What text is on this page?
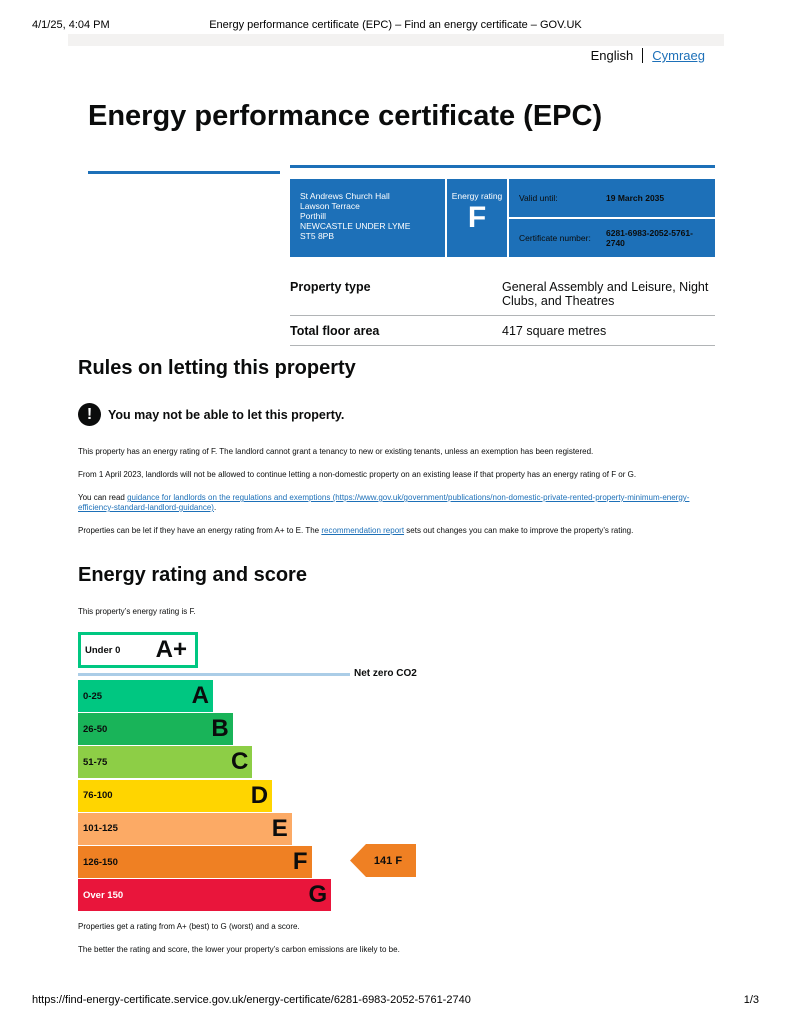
4/1/25, 4:04 PM	Energy performance certificate (EPC) – Find an energy certificate – GOV.UK
English Cymraeg
Energy performance certificate (EPC)
St Andrews Church Hall
Lawson Terrace
Porthill
NEWCASTLE UNDER LYME
ST5 8PB
Energy rating
F
Valid until:	19 March 2035
Certificate number:	6281-6983-2052-5761-2740
Property type	General Assembly and Leisure, Night Clubs, and Theatres
Total floor area	417 square metres
Rules on letting this property
!	You may not be able to let this property.

This property has an energy rating of F. The landlord cannot grant a tenancy to new or existing tenants, unless an exemption has been registered.

From 1 April 2023, landlords will not be allowed to continue letting a non-domestic property on an existing lease if that property has an energy rating of F or G.

You can read guidance for landlords on the regulations and exemptions (https://www.gov.uk/government/publications/non-domestic-private-rented-property-minimum-energy-efficiency-standard-landlord-guidance).

Properties can be let if they have an energy rating from A+ to E. The recommendation report sets out changes you can make to improve the property’s rating.

Energy rating and score

This property’s energy rating is F.

Under 0 A+
Net zero CO2
0-25	A
26-50	B
51-75	C
76-100	D
101-125	E
126-150	F
Over 150	G
141 F

Properties get a rating from A+ (best) to G (worst) and a score.

The better the rating and score, the lower your property’s carbon emissions are likely to be.

https://find-energy-certificate.service.gov.uk/energy-certificate/6281-6983-2052-5761-2740	1/3
